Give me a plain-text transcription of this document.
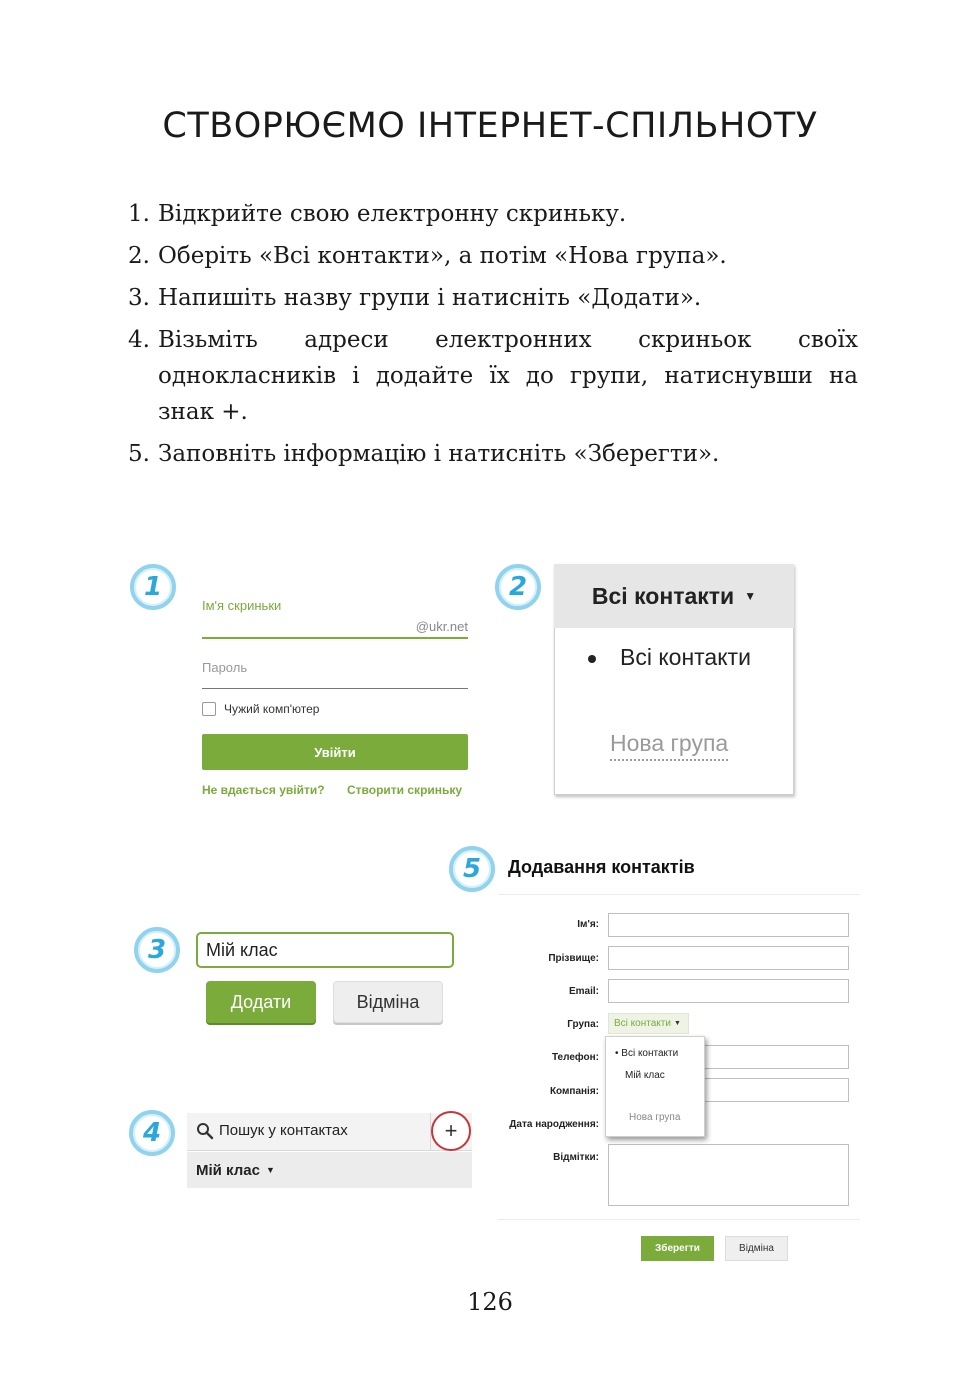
СТВОРЮЄМО ІНТЕРНЕТ-СПІЛЬНОТУ
1. Відкрийте свою електронну скриньку.
2. Оберіть «Всі контакти», а потім «Нова група».
3. Напишіть назву групи і натисніть «Додати».
4. Візьміть адреси електронних скриньок своїх однокласників і додайте їх до групи, натиснувши на знак +.
5. Заповніть інформацію і натисніть «Зберегти».
1	2
3
4
5
Ім'я скриньки
@ukr.net
Пароль
Чужий комп'ютер
Увійти
Не вдається увійти? Створити скриньку
Всі контакти ▼
Всі контакти
Нова група
Мій клас
Додати	Відміна
Пошук у контактах	+
Мій клас ▼
Додавання контактів
Ім'я:
Прізвище:
Email:
Група: Всі контакти ▼
Телефон:
Компанія:
Дата народження:
Відмітки:
• Всі контакти
Мій клас
Нова група
Зберегти	Відміна
126
